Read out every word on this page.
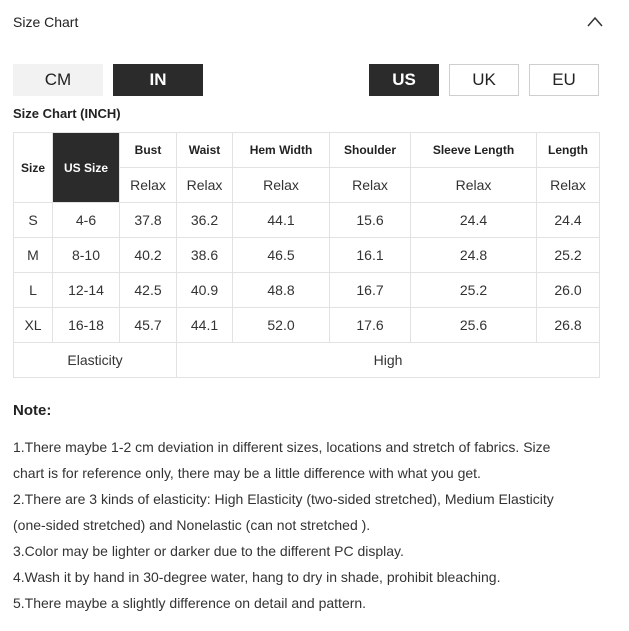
Size Chart
CM	IN	US	UK	EU
Size Chart (INCH)
Size	US Size	Bust	Waist	Hem Width	Shoulder	Sleeve Length	Length
		Relax	Relax	Relax	Relax	Relax	Relax
S	4-6	37.8	36.2	44.1	15.6	24.4	24.4
M	8-10	40.2	38.6	46.5	16.1	24.8	25.2
L	12-14	42.5	40.9	48.8	16.7	25.2	26.0
XL	16-18	45.7	44.1	52.0	17.6	25.6	26.8
Elasticity			High				
Note:

1.There maybe 1-2 cm deviation in different sizes, locations and stretch of fabrics. Size

chart is for reference only, there may be a little difference with what you get.

2.There are 3 kinds of elasticity: High Elasticity (two-sided stretched), Medium Elasticity

(one-sided stretched) and Nonelastic (can not stretched ).

3.Color may be lighter or darker due to the different PC display.

4.Wash it by hand in 30-degree water, hang to dry in shade, prohibit bleaching.

5.There maybe a slightly difference on detail and pattern.
